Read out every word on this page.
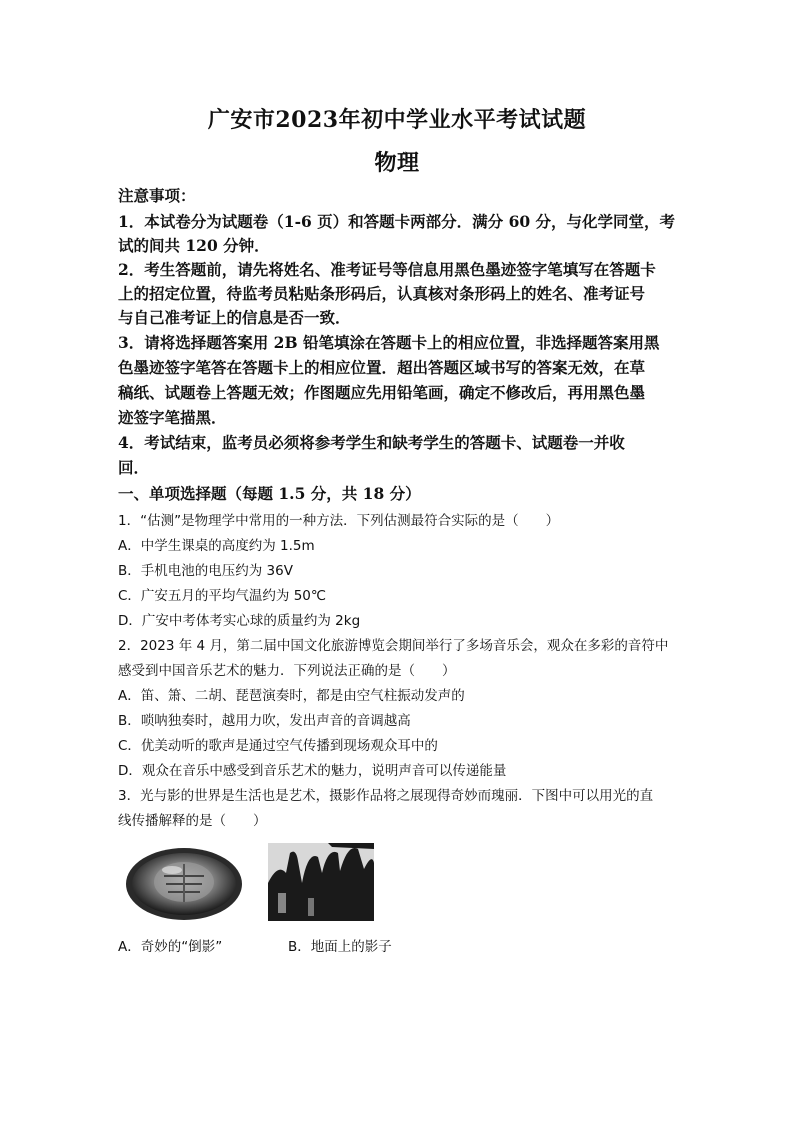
广安市2023年初中学业水平考试试题
物理
注意事项：
1．本试卷分为试题卷（1-6 页）和答题卡两部分．满分 60 分，与化学同堂，考
试的间共 120 分钟．
2．考生答题前，请先将姓名、准考证号等信息用黑色墨迹签字笔填写在答题卡
上的招定位置，待监考员粘贴条形码后，认真核对条形码上的姓名、准考证号
与自己准考证上的信息是否一致．
3．请将选择题答案用 2B 铅笔填涂在答题卡上的相应位置，非选择题答案用黑
色墨迹签字笔答在答题卡上的相应位置．超出答题区域书写的答案无效，在草
稿纸、试题卷上答题无效；作图题应先用铅笔画，确定不修改后，再用黑色墨
迹签字笔描黑．
4．考试结束，监考员必须将参考学生和缺考学生的答题卡、试题卷一并收
回．
一、单项选择题（每题 1.5 分，共 18 分）
1．“估测”是物理学中常用的一种方法．下列估测最符合实际的是（　　）
A．中学生课桌的高度约为 1.5m
B．手机电池的电压约为 36V
C．广安五月的平均气温约为 50℃
D．广安中考体考实心球的质量约为 2kg
2．2023 年 4 月，第二届中国文化旅游博览会期间举行了多场音乐会，观众在多彩的音符中
感受到中国音乐艺术的魅力．下列说法正确的是（　　）
A．笛、箫、二胡、琵琶演奏时，都是由空气柱振动发声的
B．唢呐独奏时，越用力吹，发出声音的音调越高
C．优美动听的歌声是通过空气传播到现场观众耳中的
D．观众在音乐中感受到音乐艺术的魅力，说明声音可以传递能量
3．光与影的世界是生活也是艺术，摄影作品将之展现得奇妙而瑰丽．下图中可以用光的直
线传播解释的是（　　）
A．奇妙的“倒影”	B．地面上的影子
